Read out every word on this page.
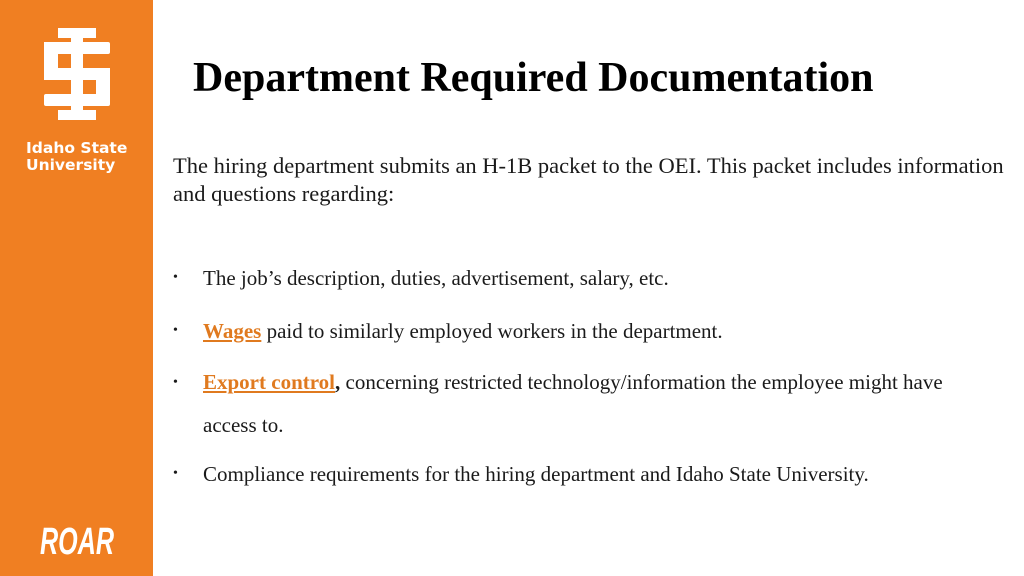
Idaho State
University
ROAR
Department Required Documentation

The hiring department submits an H-1B packet to the OEI. This packet includes information and questions regarding:

•	The job’s description, duties, advertisement, salary, etc.
•	Wages paid to similarly employed workers in the department.
•	Export control, concerning restricted technology/information the employee might have access to.
•	Compliance requirements for the hiring department and Idaho State University.
